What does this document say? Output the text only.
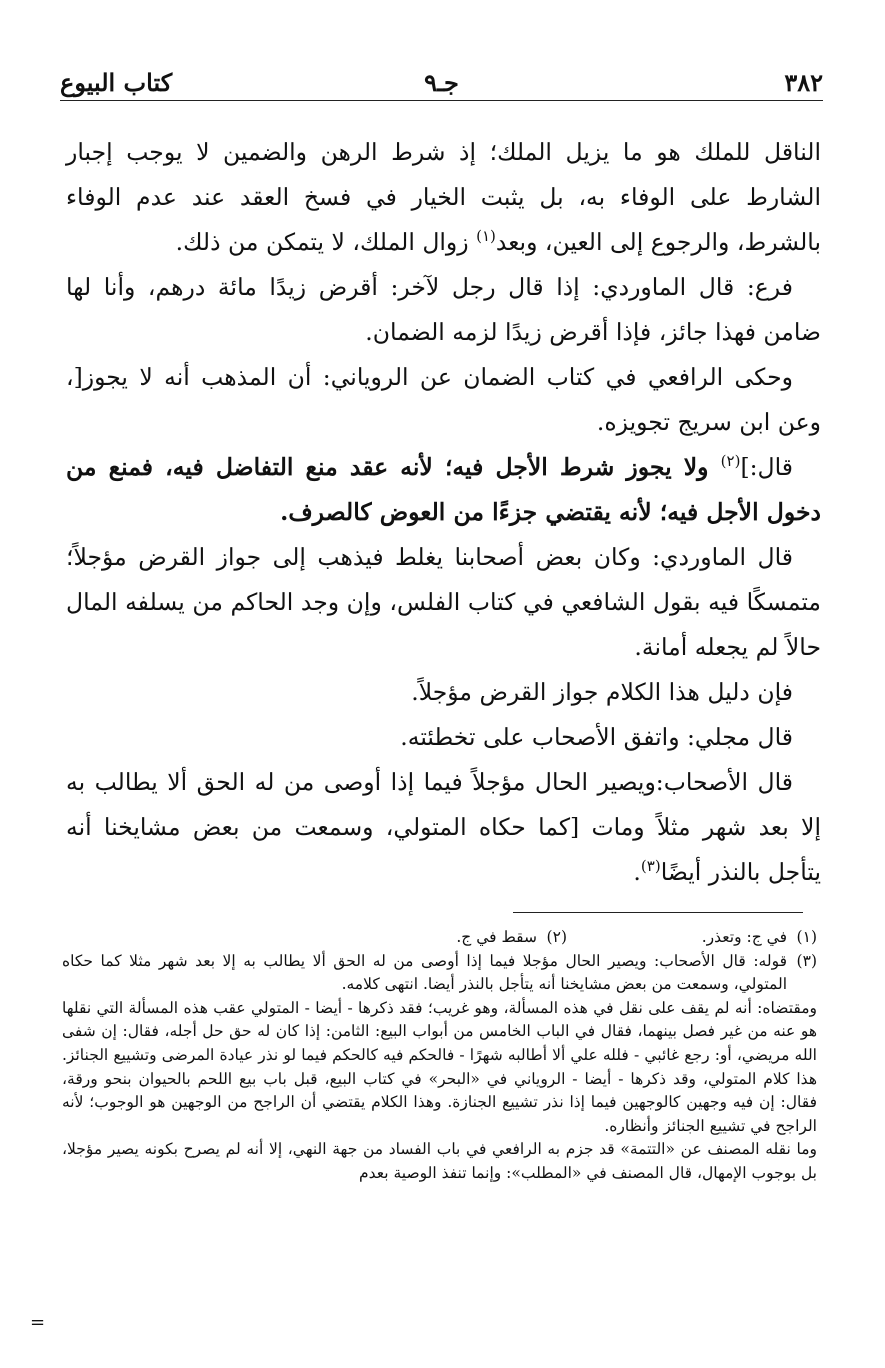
٣٨٢
جـ٩
كتاب البيوع

الناقل للملك هو ما يزيل الملك؛ إذ شرط الرهن والضمين لا يوجب إجبار الشارط على الوفاء به، بل يثبت الخيار في فسخ العقد عند عدم الوفاء بالشرط، والرجوع إلى العين، وبعد$^{(١)}$ زوال الملك، لا يتمكن من ذلك.

فرع: قال الماوردي: إذا قال رجل لآخر: أقرض زيدًا مائة درهم، وأنا لها ضامن فهذا جائز، فإذا أقرض زيدًا لزمه الضمان.

وحكى الرافعي في كتاب الضمان عن الروياني: أن المذهب أنه لا يجوز[، وعن ابن سريج تجويزه.

قال:]$^{(٢)}$ ولا يجوز شرط الأجل فيه؛ لأنه عقد منع التفاضل فيه، فمنع من دخول الأجل فيه؛ لأنه يقتضي جزءًا من العوض كالصرف.

قال الماوردي: وكان بعض أصحابنا يغلط فيذهب إلى جواز القرض مؤجلاً؛ متمسكًا فيه بقول الشافعي في كتاب الفلس، وإن وجد الحاكم من يسلفه المال حالاً لم يجعله أمانة.

فإن دليل هذا الكلام جواز القرض مؤجلاً.

قال مجلي: واتفق الأصحاب على تخطئته.

قال الأصحاب:ويصير الحال مؤجلاً فيما إذا أوصى من له الحق ألا يطالب به إلا بعد شهر مثلاً ومات [كما حكاه المتولي، وسمعت من بعض مشايخنا أنه يتأجل بالنذر أيضًا$^{(٣)}$.

(١)في ج: وتعذر.
(٢)سقط في ج.
(٣)
قوله: قال الأصحاب: ويصير الحال مؤجلا فيما إذا أوصى من له الحق ألا يطالب به إلا بعد شهر مثلا كما حكاه المتولي، وسمعت من بعض مشايخنا أنه يتأجل بالنذر أيضا. انتهى كلامه.

ومقتضاه: أنه لم يقف على نقل في هذه المسألة، وهو غريب؛ فقد ذكرها - أيضا - المتولي عقب هذه المسألة التي نقلها هو عنه من غير فصل بينهما، فقال في الباب الخامس من أبواب البيع: الثامن: إذا كان له حق حل أجله، فقال: إن شفى الله مريضي، أو: رجع غائبي - فلله علي ألا أطالبه شهرًا - فالحكم فيه كالحكم فيما لو نذر عيادة المرضى وتشييع الجنائز. هذا كلام المتولي، وقد ذكرها - أيضا - الروياني في «البحر» في كتاب البيع، قبل باب بيع اللحم بالحيوان بنحو ورقة، فقال: إن فيه وجهين كالوجهين فيما إذا نذر تشييع الجنازة. وهذا الكلام يقتضي أن الراجح من الوجهين هو الوجوب؛ لأنه الراجح في تشييع الجنائز وأنظاره.

وما نقله المصنف عن «التتمة» قد جزم به الرافعي في باب الفساد من جهة النهي، إلا أنه لم يصرح بكونه يصير مؤجلا، بل بوجوب الإمهال، قال المصنف في «المطلب»: وإنما تنفذ الوصية بعدم

=
